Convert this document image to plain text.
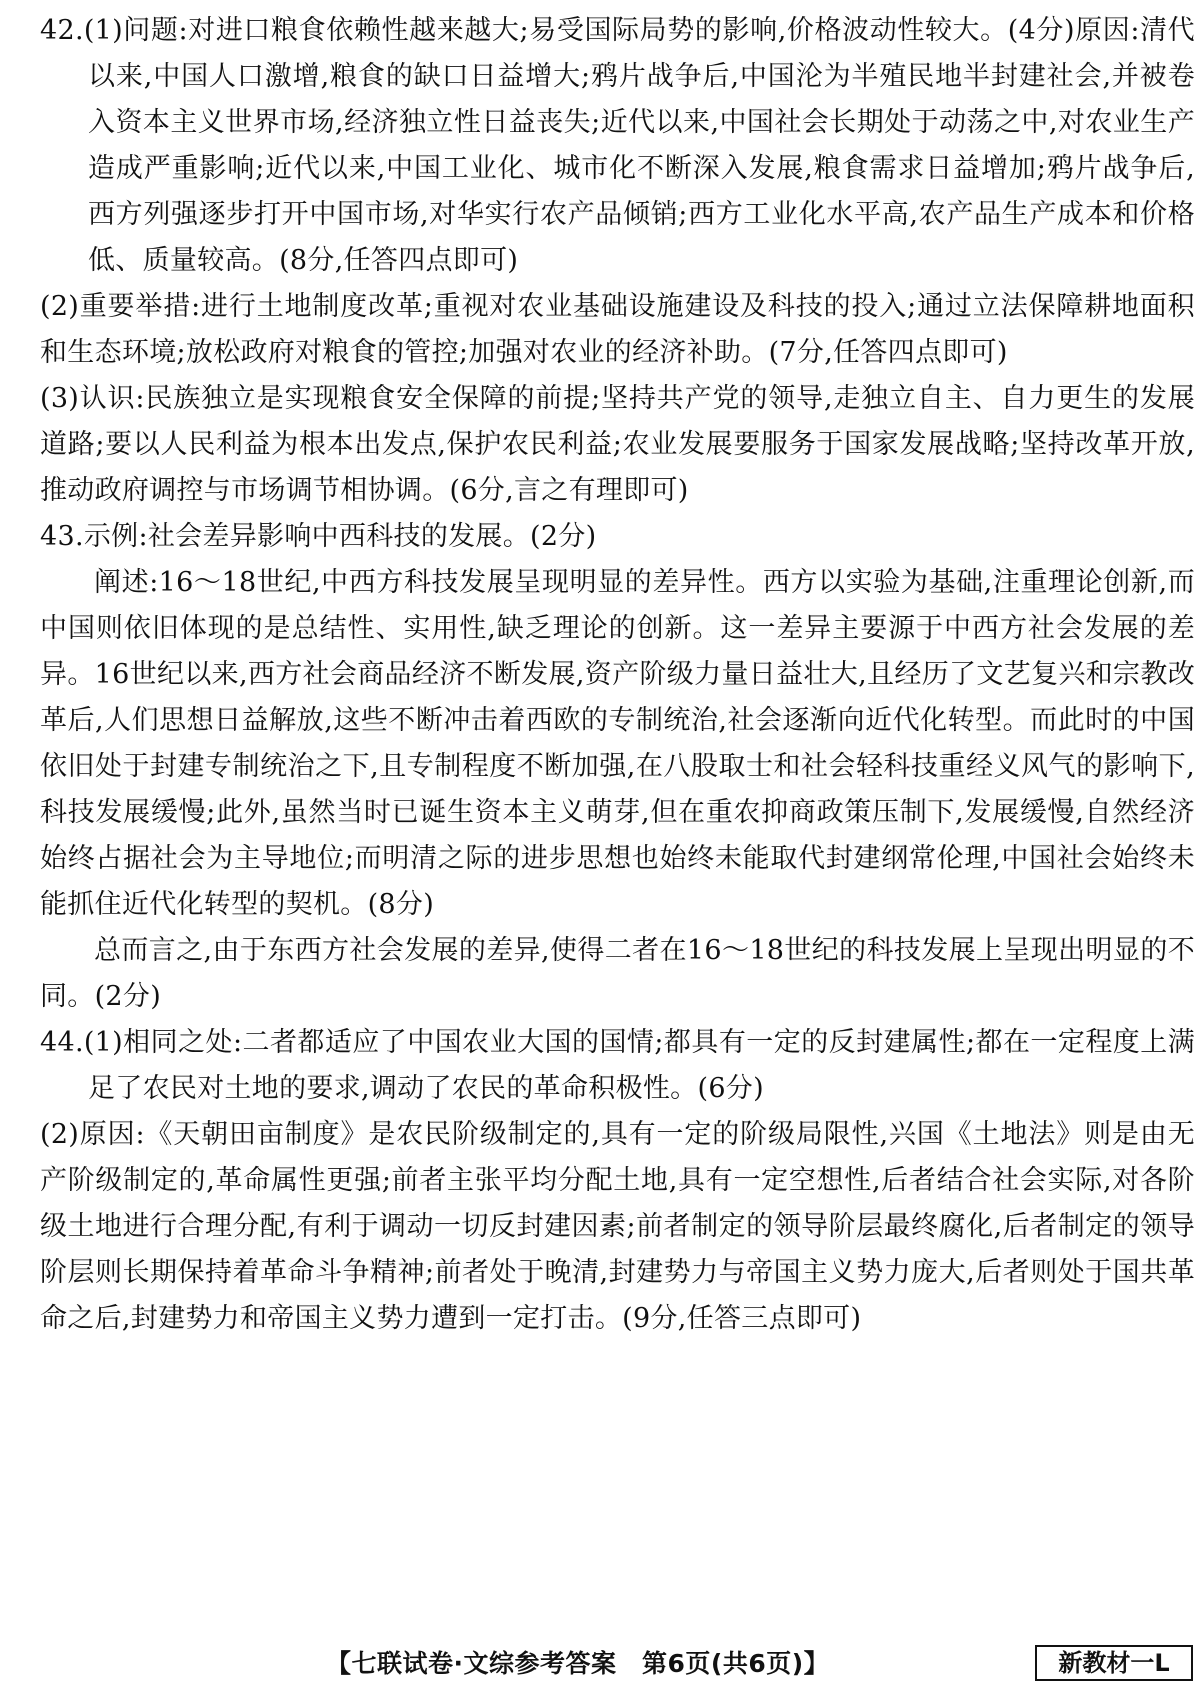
42.(1)问题:对进口粮食依赖性越来越大;易受国际局势的影响,价格波动性较大。(4分)原因:清代以来,中国人口激增,粮食的缺口日益增大;鸦片战争后,中国沦为半殖民地半封建社会,并被卷入资本主义世界市场,经济独立性日益丧失;近代以来,中国社会长期处于动荡之中,对农业生产造成严重影响;近代以来,中国工业化、城市化不断深入发展,粮食需求日益增加;鸦片战争后,西方列强逐步打开中国市场,对华实行农产品倾销;西方工业化水平高,农产品生产成本和价格低、质量较高。(8分,任答四点即可)

(2)重要举措:进行土地制度改革;重视对农业基础设施建设及科技的投入;通过立法保障耕地面积和生态环境;放松政府对粮食的管控;加强对农业的经济补助。(7分,任答四点即可)

(3)认识:民族独立是实现粮食安全保障的前提;坚持共产党的领导,走独立自主、自力更生的发展道路;要以人民利益为根本出发点,保护农民利益;农业发展要服务于国家发展战略;坚持改革开放,推动政府调控与市场调节相协调。(6分,言之有理即可)

43.示例:社会差异影响中西科技的发展。(2分)

阐述:16～18世纪,中西方科技发展呈现明显的差异性。西方以实验为基础,注重理论创新,而中国则依旧体现的是总结性、实用性,缺乏理论的创新。这一差异主要源于中西方社会发展的差异。16世纪以来,西方社会商品经济不断发展,资产阶级力量日益壮大,且经历了文艺复兴和宗教改革后,人们思想日益解放,这些不断冲击着西欧的专制统治,社会逐渐向近代化转型。而此时的中国依旧处于封建专制统治之下,且专制程度不断加强,在八股取士和社会轻科技重经义风气的影响下,科技发展缓慢;此外,虽然当时已诞生资本主义萌芽,但在重农抑商政策压制下,发展缓慢,自然经济始终占据社会为主导地位;而明清之际的进步思想也始终未能取代封建纲常伦理,中国社会始终未能抓住近代化转型的契机。(8分)

总而言之,由于东西方社会发展的差异,使得二者在16～18世纪的科技发展上呈现出明显的不同。(2分)

44.(1)相同之处:二者都适应了中国农业大国的国情;都具有一定的反封建属性;都在一定程度上满足了农民对土地的要求,调动了农民的革命积极性。(6分)

(2)原因:《天朝田亩制度》是农民阶级制定的,具有一定的阶级局限性,兴国《土地法》则是由无产阶级制定的,革命属性更强;前者主张平均分配土地,具有一定空想性,后者结合社会实际,对各阶级土地进行合理分配,有利于调动一切反封建因素;前者制定的领导阶层最终腐化,后者制定的领导阶层则长期保持着革命斗争精神;前者处于晚清,封建势力与帝国主义势力庞大,后者则处于国共革命之后,封建势力和帝国主义势力遭到一定打击。(9分,任答三点即可)

【七联试卷·文综参考答案　第6页(共6页)】	新教材一L
